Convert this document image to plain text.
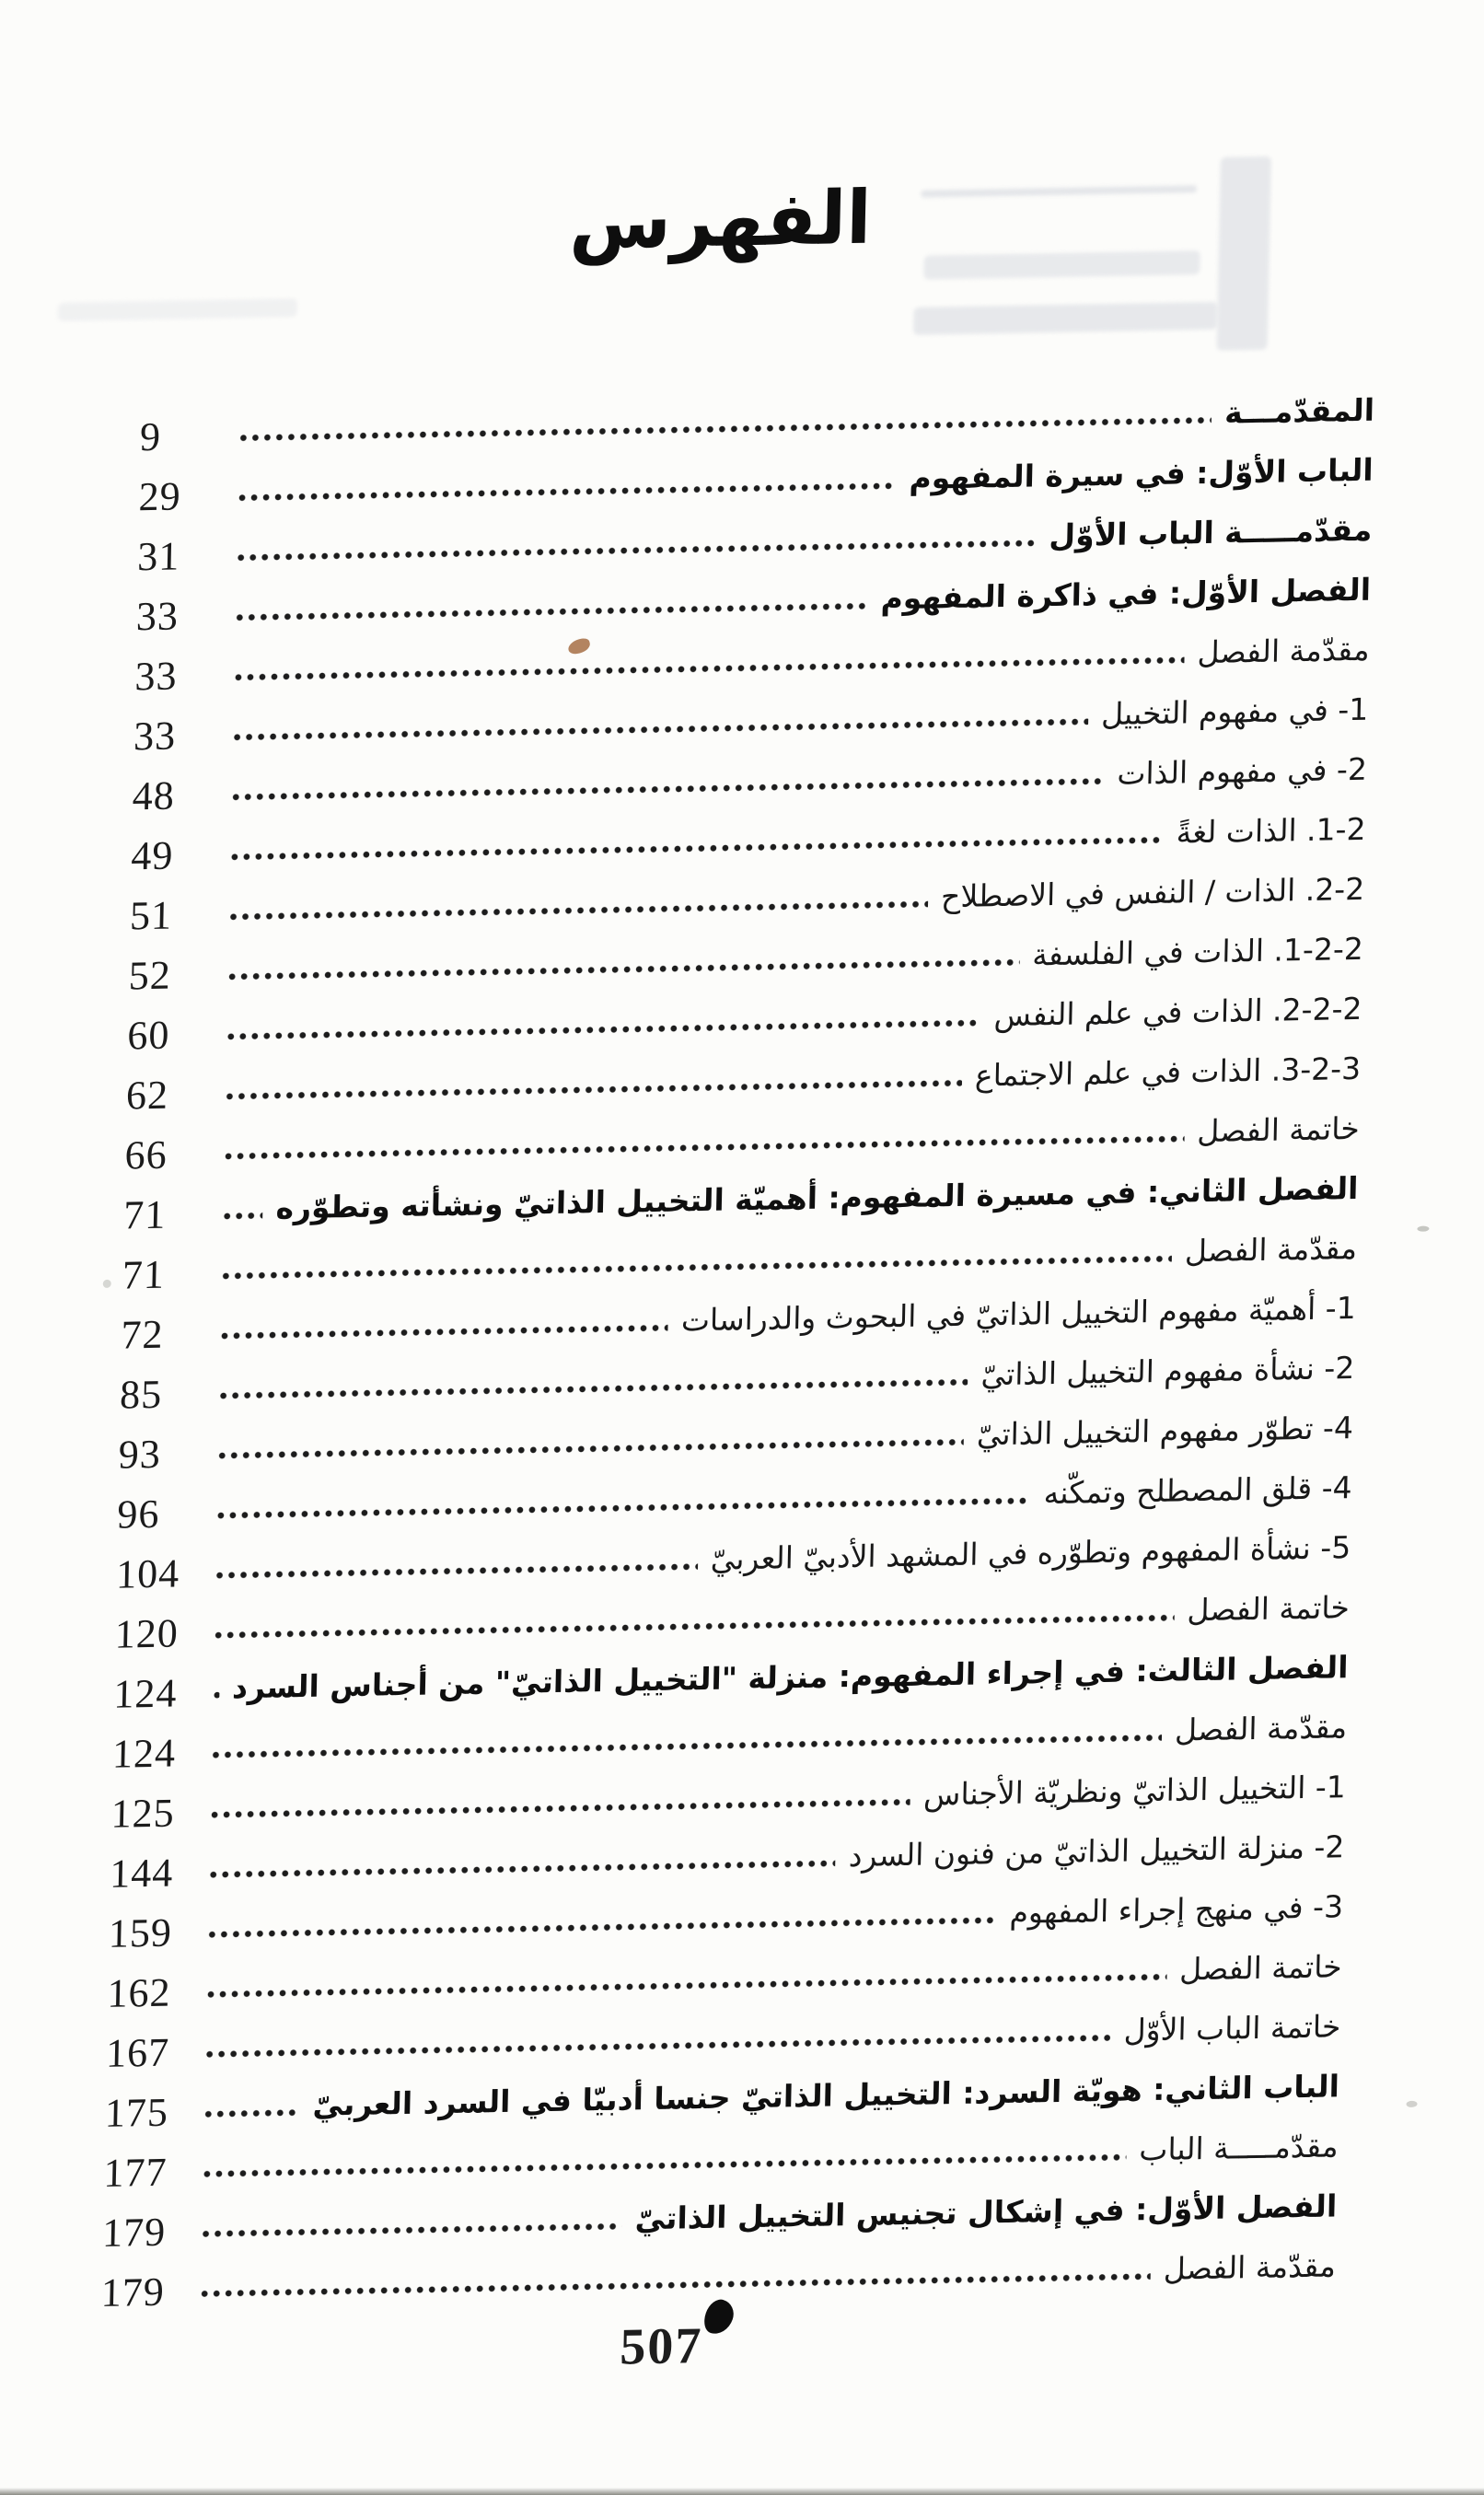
الفهرس
المقدّمـــة
9
الباب الأوّل: في سيرة المفهوم
29
مقدّمـــــة الباب الأوّل
31
الفصل الأوّل: في ذاكرة المفهوم
33
مقدّمة الفصل
33
1- في مفهوم التخييل
33
2- في مفهوم الذات
48
1-2. الذات لغةً
49
2-2. الذات / النفس في الاصطلاح
51
1-2-2. الذات في الفلسفة
52
2-2-2. الذات في علم النفس
60
3-2-3. الذات في علم الاجتماع
62
خاتمة الفصل
66
الفصل الثاني: في مسيرة المفهوم: أهميّة التخييل الذاتيّ ونشأته وتطوّره
71
مقدّمة الفصل
71
1- أهميّة مفهوم التخييل الذاتيّ في البحوث والدراسات
72
2- نشأة مفهوم التخييل الذاتيّ
85
4- تطوّر مفهوم التخييل الذاتيّ
93
4- قلق المصطلح وتمكّنه
96
5- نشأة المفهوم وتطوّره في المشهد الأدبيّ العربيّ
104
خاتمة الفصل
120
الفصل الثالث: في إجراء المفهوم: منزلة "التخييل الذاتيّ" من أجناس السرد
124
مقدّمة الفصل
124
1- التخييل الذاتيّ ونظريّة الأجناس
125
2- منزلة التخييل الذاتيّ من فنون السرد
144
3- في منهج إجراء المفهوم
159
خاتمة الفصل
162
خاتمة الباب الأوّل
167
الباب الثاني: هويّة السرد: التخييل الذاتيّ جنسا أدبيّا في السرد العربيّ
175
مقدّمـــــة الباب
177
الفصل الأوّل: في إشكال تجنيس التخييل الذاتيّ
179
مقدّمة الفصل
179
507
